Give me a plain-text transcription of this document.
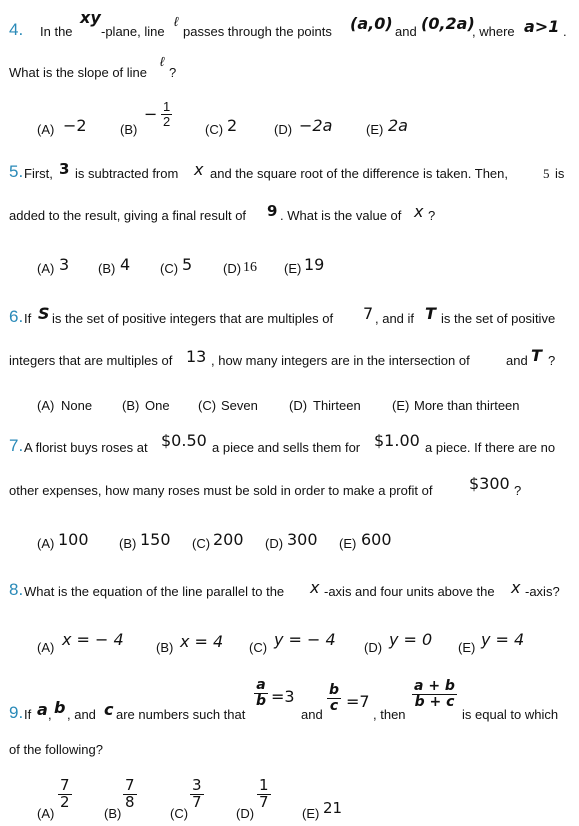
4. In the
xy
-plane, line
ℓ
passes through the points (a,0) and (0,2a)
, where a>1 .
What is the slope of line
ℓ
?
(A) −2	(B)
− $\frac{1}{2}$
(C) 2	(D) −2a	(E) 2a
5. First, 3 is subtracted from x and the square root of the difference is taken. Then,	5 is
added to the result, giving a final result of 9 . What is the value of x ?
(A) 3 (B) 4 (C) 5 (D) 16 (E) 19
6. If S is the set of positive integers that are multiples of 7 , and if T is the set of positive
integers that are multiples of 13 , how many integers are in the intersection of	and T ?
(A) None (B) One (C) Seven (D) Thirteen (E) More than thirteen
7. A florist buys roses at $0.50 a piece and sells them for $1.00 a piece. If there are no
other expenses, how many roses must be sold in order to make a profit of $300 ?
(A) 100 (B) 150 (C) 200 (D) 300 (E) 600
8. What is the equation of the line parallel to the x -axis and four units above the x -axis?
(A) x = − 4 (B) x = 4 (C) y = − 4 (D) y = 0 (E) y = 4
9. If a , b , and c are numbers such that
$\frac{a}{b} =3$
and
$\frac{b}{c} =7$
, then
$\frac{a + b}{b + c}$
is equal to which
of the following?
(A)
$\frac{7}{2}$
(B)
$\frac{7}{8}$
(C)
$\frac{3}{7}$
(D)
$\frac{1}{7}$
(E) 21
